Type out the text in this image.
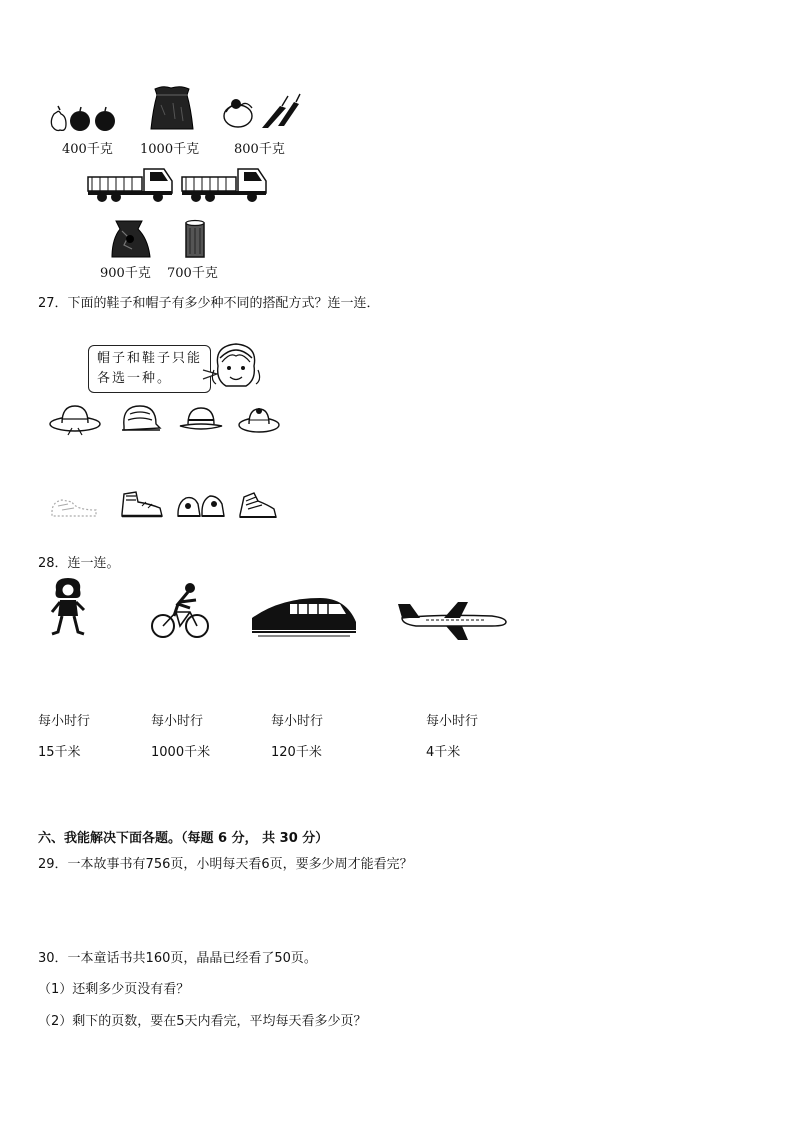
400千克 1000千克	800千克
900千克 700千克
27．下面的鞋子和帽子有多少种不同的搭配方式？连一连．
帽子和鞋子只能
各选一种。
28．连一连。
每小时行
15千米
每小时行
1000千米
每小时行
120千米
每小时行
4千米
六、我能解决下面各题。（每题 6 分， 共 30 分）
29．一本故事书有756页，小明每天看6页，要多少周才能看完？
30．一本童话书共160页，晶晶已经看了50页。
（1）还剩多少页没有看？
（2）剩下的页数，要在5天内看完，平均每天看多少页？
